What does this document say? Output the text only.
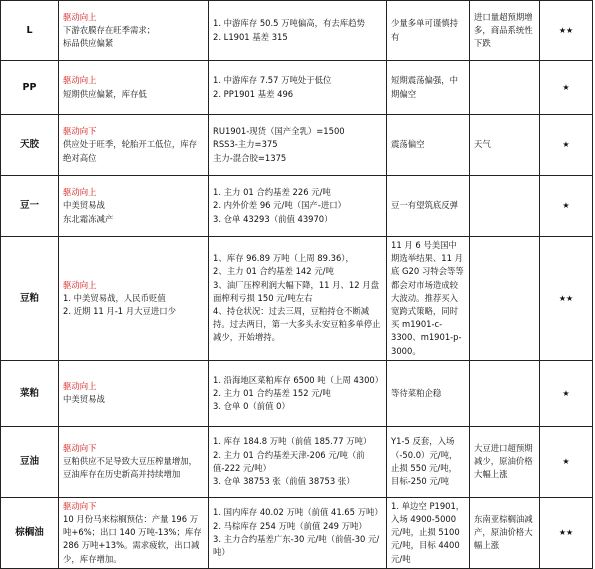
L	驱动向上
下游农膜存在旺季需求；
标品供应偏紧	1. 中游库存 50.5 万吨偏高，有去库趋势
2. L1901 基差 315	少量多单可谨慎持有	进口量超预期增多，商品系统性下跌	★★
PP	驱动向上
短期供应偏紧，库存低	1. 中游库存 7.57 万吨处于低位
2. PP1901 基差 496	短期震荡偏强，中期偏空		★
天胶	驱动向下
供应处于旺季，轮胎开工低位，库存绝对高位	RU1901-现货（国产全乳）=1500
RSS3-主力=375
主力-混合胶=1375	震荡偏空	天气	★
豆一	驱动向上
中美贸易战
东北霜冻减产	1. 主力 01 合约基差 226 元/吨
2. 内外价差 96 元/吨（国产-进口）
3. 仓单 43293（前值 43970）	豆一有望筑底反弹		★
豆粕	驱动向上
1. 中美贸易战，人民币贬值
2. 近期 11 月-1 月大豆进口少	1、库存 96.89 万吨（上周 89.36），
2、主力 01 合约基差 142 元/吨
3、油厂压榨利润大幅下降，11 月、12 月盘面榨利亏损 150 元/吨左右
4、持仓状况：过去三周，豆粕持仓不断减持。过去两日，第一大多头永安豆粕多单停止减少，开始增持。	11 月 6 号美国中期选举结果、11 月底 G20 习特会等等都会对市场造成较大波动。推荐买入宽跨式策略，同时买 m1901-c-3300、m1901-p-3000。		★★
菜粕	驱动向上
中美贸易战	1. 沿海地区菜粕库存 6500 吨（上周 4300）
2. 主力 01 合约基差 152 元/吨
3. 仓单 0（前值 0）	等待菜粕企稳		★
豆油	驱动向下
豆粕供应不足导致大豆压榨量增加，豆油库存在历史新高并持续增加	1. 库存 184.8 万吨（前值 185.77 万吨）
2. 主力 01 合约基差天津-206 元/吨（前值-222 元/吨）
3. 仓单 38753 张（前值 38753 张）	Y1-5 反套，入场（-50.0）元/吨，止损 550 元/吨，目标-250 元/吨	大豆进口超预期减少，原油价格大幅上涨	★
棕榈油	驱动向下
10 月份马来棕榈预估：产量 196 万吨+6%；出口 140 万吨-13%；库存 286 万吨+13%。需求疲软，出口减少，库存增加。	1. 国内库存 40.02 万吨（前值 41.65 万吨）
2. 马棕库存 254 万吨（前值 249 万吨）
3. 主力合约基差广东-30 元/吨（前值-30 元/吨）	1. 单边空 P1901，入场 4900-5000 元/吨，止损 5100 元/吨，目标 4400 元/吨	东南亚棕榈油减产，原油价格大幅上涨	★★
